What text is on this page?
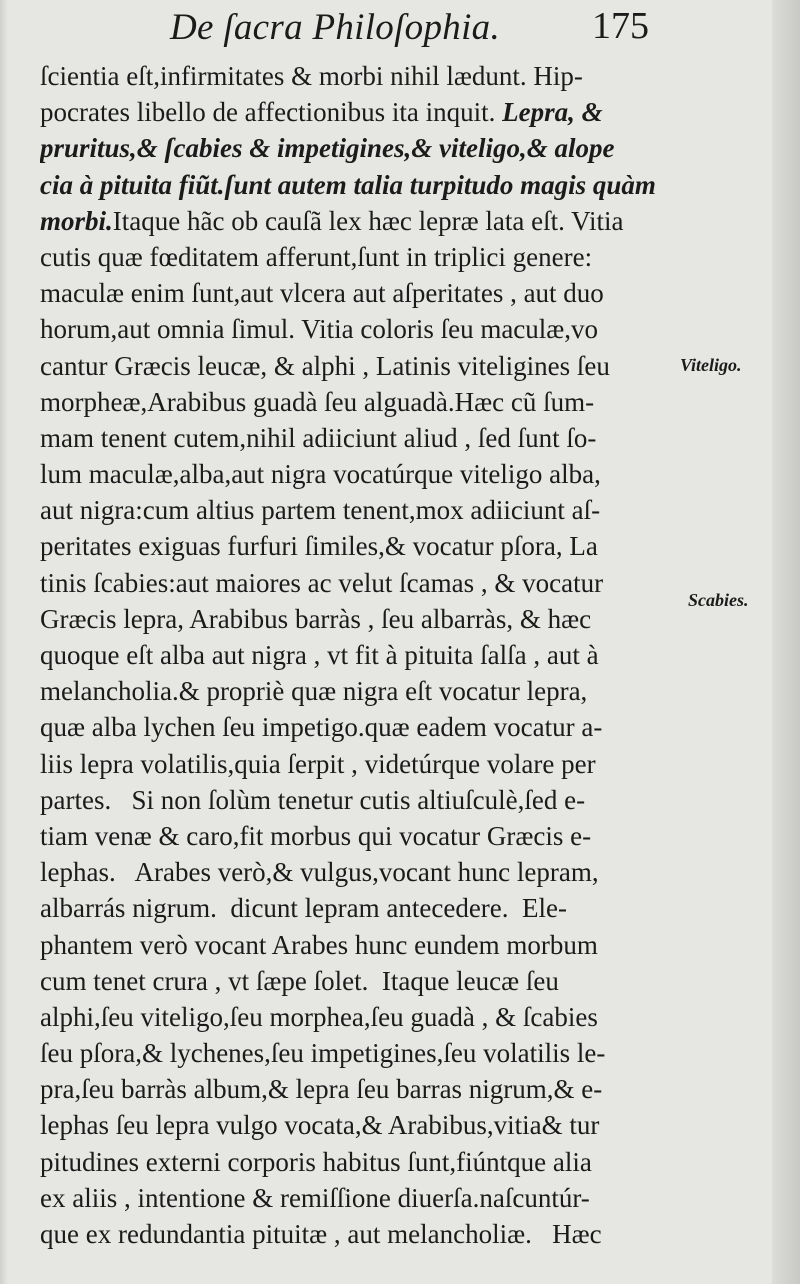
De ſacra Philoſophia. 175
ſcientia eſt,infirmitates & morbi nihil lædunt. Hip-
pocrates libello de affectionibus ita inquit. Lepra, &
pruritus,& ſcabies & impetigines,& viteligo,& alope
cia à pituita fiũt.ſunt autem talia turpitudo magis quàm
morbi.Itaque hãc ob cauſã lex hæc lepræ lata eſt. Vitia
cutis quæ fœditatem afferunt,ſunt in triplici genere:
maculæ enim ſunt,aut vlcera aut aſperitates , aut duo
horum,aut omnia ſimul. Vitia coloris ſeu maculæ,vo
cantur Græcis leucæ, & alphi , Latinis viteligines ſeu
morpheæ,Arabibus guadà ſeu alguadà.Hæc cũ ſum-
mam tenent cutem,nihil adiiciunt aliud , ſed ſunt ſo-
lum maculæ,alba,aut nigra vocatúrque viteligo alba,
aut nigra:cum altius partem tenent,mox adiiciunt aſ-
peritates exiguas furfuri ſimiles,& vocatur pſora, La
tinis ſcabies:aut maiores ac velut ſcamas , & vocatur
Græcis lepra, Arabibus barràs , ſeu albarràs, & hæc
quoque eſt alba aut nigra , vt fit à pituita ſalſa , aut à
melancholia.& propriè quæ nigra eſt vocatur lepra,
quæ alba lychen ſeu impetigo.quæ eadem vocatur a-
liis lepra volatilis,quia ſerpit , videtúrque volare per
partes.   Si non ſolùm tenetur cutis altiuſculè,ſed e-
tiam venæ & caro,fit morbus qui vocatur Græcis e-
lephas.   Arabes verò,& vulgus,vocant hunc lepram,
albarrás nigrum.  dicunt lepram antecedere.  Ele-
phantem verò vocant Arabes hunc eundem morbum
cum tenet crura , vt ſæpe ſolet.  Itaque leucæ ſeu
alphi,ſeu viteligo,ſeu morphea,ſeu guadà , & ſcabies
ſeu pſora,& lychenes,ſeu impetigines,ſeu volatilis le-
pra,ſeu barràs album,& lepra ſeu barras nigrum,& e-
lephas ſeu lepra vulgo vocata,& Arabibus,vitia& tur
pitudines externi corporis habitus ſunt,fiúntque alia
ex aliis , intentione & remiſſione diuerſa.naſcuntúr-
que ex redundantia pituitæ , aut melancholiæ.   Hæc
Viteligo.
Scabies.
